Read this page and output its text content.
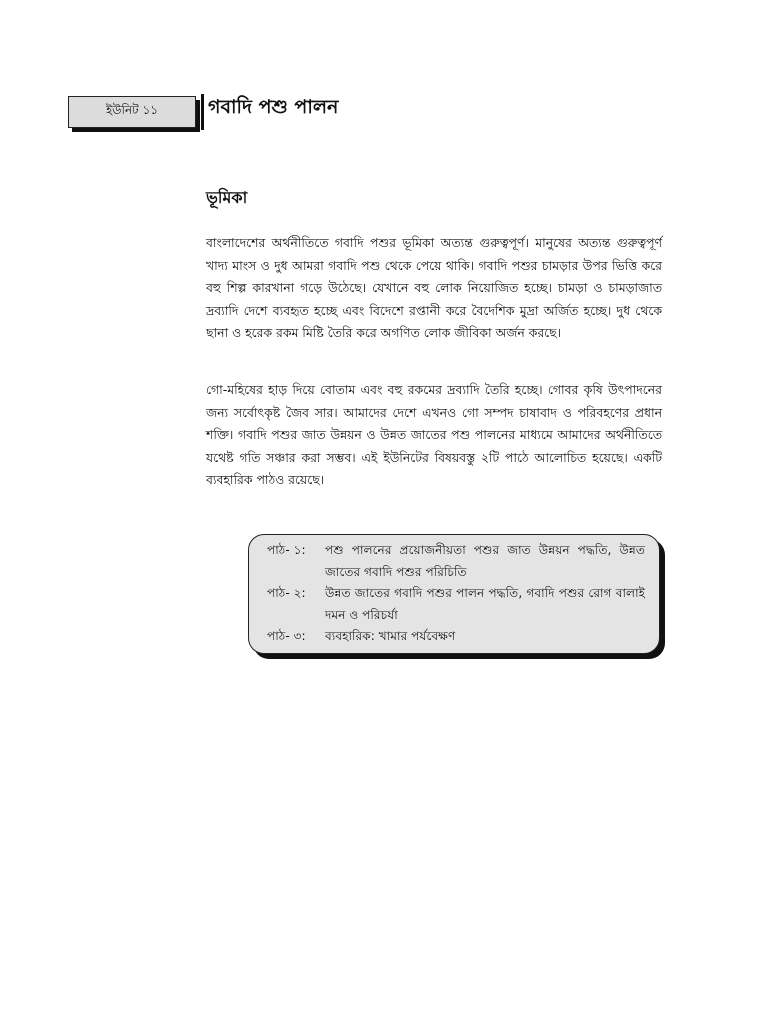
ইউনিট ১১	গবাদি পশু পালন
ভূমিকা

বাংলাদেশের অর্থনীতিতে গবাদি পশুর ভূমিকা অত্যন্ত গুরুত্বপূর্ণ। মানুষের অত্যন্ত গুরুত্বপূর্ণ খাদ্য মাংস ও দুধ আমরা গবাদি পশু থেকে পেয়ে থাকি। গবাদি পশুর চামড়ার উপর ভিত্তি করে বহু শিল্প কারখানা গড়ে উঠেছে। যেখানে বহু লোক নিয়োজিত হচ্ছে। চামড়া ও চামড়াজাত দ্রব্যাদি দেশে ব্যবহৃত হচ্ছে এবং বিদেশে রপ্তানী করে বৈদেশিক মুদ্রা অর্জিত হচ্ছে। দুধ থেকে ছানা ও হরেক রকম মিষ্টি তৈরি করে অগণিত লোক জীবিকা অর্জন করছে।

গো-মহিষের হাড় দিয়ে বোতাম এবং বহু রকমের দ্রব্যাদি তৈরি হচ্ছে। গোবর কৃষি উৎপাদনের জন্য সর্বোৎকৃষ্ট জৈব সার। আমাদের দেশে এখনও গো সম্পদ চাষাবাদ ও পরিবহণের প্রধান শক্তি। গবাদি পশুর জাত উন্নয়ন ও উন্নত জাতের পশু পালনের মাধ্যমে আমাদের অর্থনীতিতে যথেষ্ট গতি সঞ্চার করা সম্ভব। এই ইউনিটের বিষয়বস্তু ২টি পাঠে আলোচিত হয়েছে। একটি ব্যবহারিক পাঠও রয়েছে।

পাঠ- ১:	পশু পালনের প্রয়োজনীয়তা পশুর জাত উন্নয়ন পদ্ধতি, উন্নত জাতের গবাদি পশুর পরিচিতি
পাঠ- ২:	উন্নত জাতের গবাদি পশুর পালন পদ্ধতি, গবাদি পশুর রোগ বালাই দমন ও পরিচর্যা
পাঠ- ৩:	ব্যবহারিক: খামার পর্যবেক্ষণ
